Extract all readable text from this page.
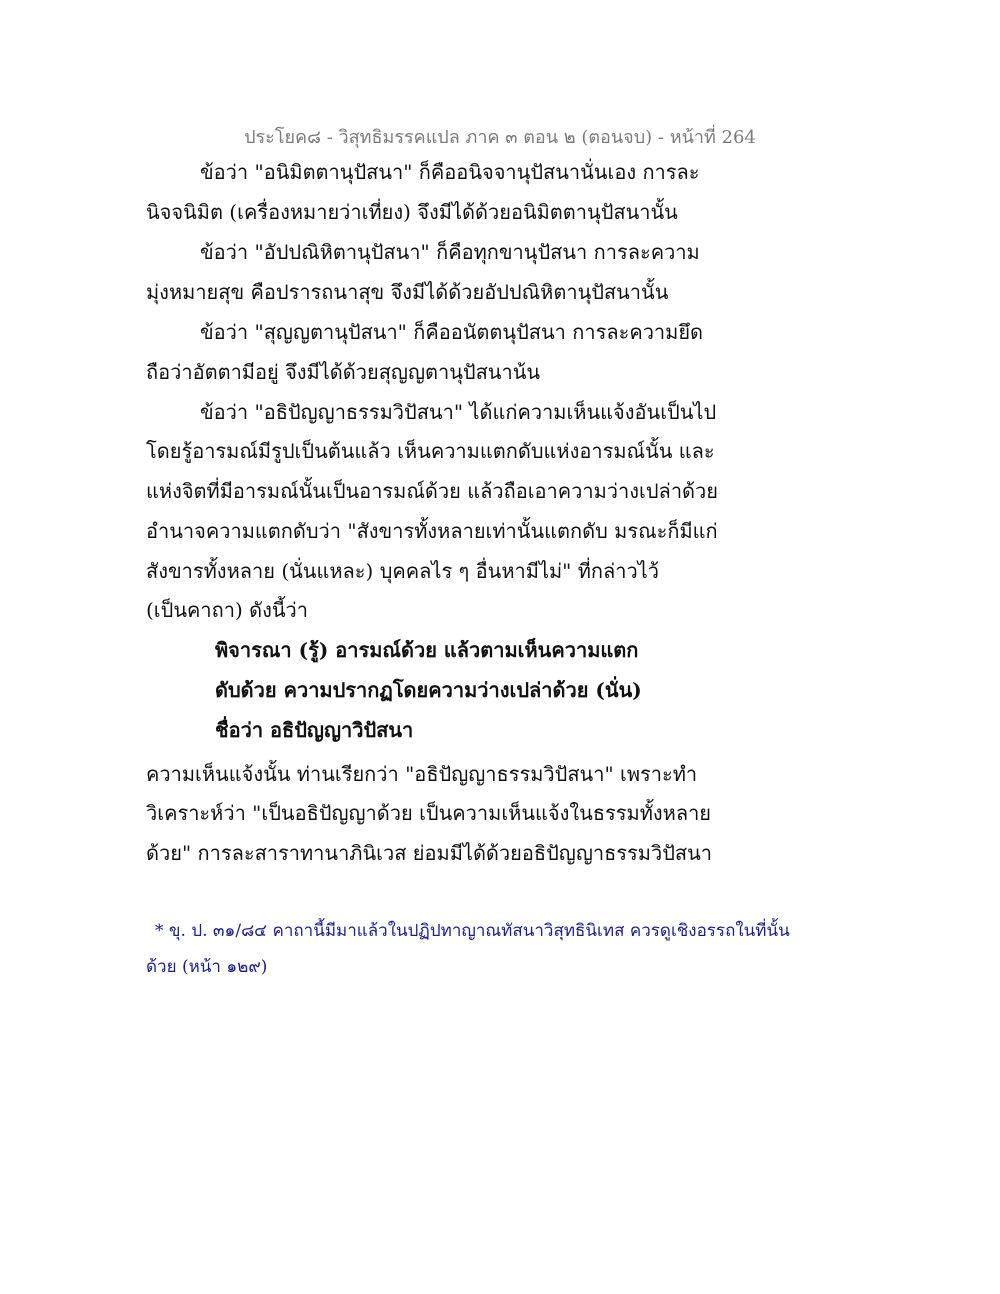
ประโยค๘ - วิสุทธิมรรคแปล ภาค ๓ ตอน ๒ (ตอนจบ) - หน้าที่ 264
ข้อว่า "อนิมิตตานุปัสนา" ก็คืออนิจจานุปัสนานั่นเอง การละ
นิจจนิมิต (เครื่องหมายว่าเที่ยง) จึงมีได้ด้วยอนิมิตตานุปัสนานั้น
ข้อว่า "อัปปณิหิตานุปัสนา" ก็คือทุกขานุปัสนา การละความ
มุ่งหมายสุข คือปรารถนาสุข จึงมีได้ด้วยอัปปณิหิตานุปัสนานั้น
ข้อว่า "สุญญตานุปัสนา" ก็คืออนัตตนุปัสนา การละความยึด
ถือว่าอัตตามีอยู่ จึงมีได้ด้วยสุญญตานุปัสนาน้น
ข้อว่า "อธิปัญญาธรรมวิปัสนา" ได้แก่ความเห็นแจ้งอันเป็นไป
โดยรู้อารมณ์มีรูปเป็นต้นแล้ว เห็นความแตกดับแห่งอารมณ์นั้น และ
แห่งจิตที่มีอารมณ์นั้นเป็นอารมณ์ด้วย แล้วถือเอาความว่างเปล่าด้วย
อำนาจความแตกดับว่า "สังขารทั้งหลายเท่านั้นแตกดับ มรณะก็มีแก่
สังขารทั้งหลาย (นั่นแหละ) บุคคลไร ๆ อื่นหามีไม่" ที่กล่าวไว้
(เป็นคาถา) ดังนี้ว่า
พิจารณา (รู้) อารมณ์ด้วย แล้วตามเห็นความแตก
ดับด้วย ความปรากฏโดยความว่างเปล่าด้วย (นั่น)
ชื่อว่า อธิปัญญาวิปัสนา
ความเห็นแจ้งนั้น ท่านเรียกว่า "อธิปัญญาธรรมวิปัสนา" เพราะทำ
วิเคราะห์ว่า "เป็นอธิปัญญาด้วย เป็นความเห็นแจ้งในธรรมทั้งหลาย
ด้วย" การละสาราทานาภินิเวส ย่อมมีได้ด้วยอธิปัญญาธรรมวิปัสนา
* ขุ. ป. ๓๑/๘๔ คาถานี้มีมาแล้วในปฏิปทาญาณทัสนาวิสุทธินิเทส ควรดูเชิงอรรถในที่นั้น
ด้วย (หน้า ๑๒๙)
